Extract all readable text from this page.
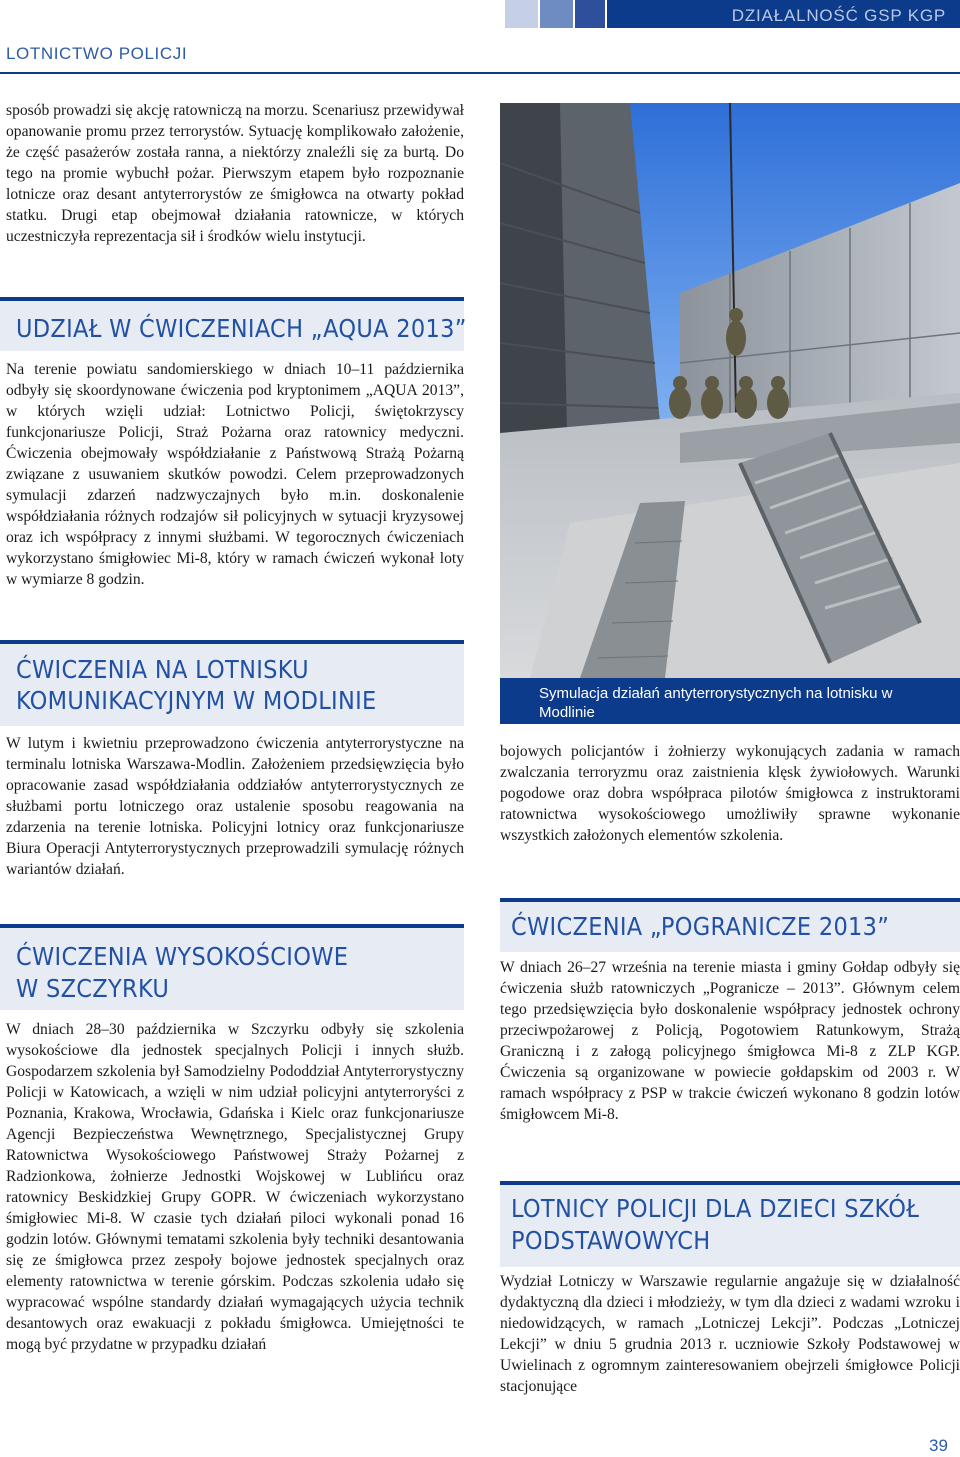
DZIAŁALNOŚĆ GSP KGP
LOTNICTWO POLICJI

sposób prowadzi się akcję ratowniczą na morzu. Scenariusz przewidywał opanowanie promu przez terrorystów. Sytuację komplikowało założenie, że część pasażerów została ranna, a niektórzy znaleźli się za burtą. Do tego na promie wybuchł pożar. Pierwszym etapem było rozpoznanie lotnicze oraz desant antyterrorystów ze śmigłowca na otwarty pokład statku. Drugi etap obejmował działania ratownicze, w których uczestniczyła reprezentacja sił i środków wielu instytucji.

UDZIAŁ W ĆWICZENIACH „AQUA 2013”

Na terenie powiatu sandomierskiego w dniach 10–11 października odbyły się skoordynowane ćwiczenia pod kryptonimem „AQUA 2013”, w których wzięli udział: Lotnictwo Policji, świętokrzyscy funkcjonariusze Policji, Straż Pożarna oraz ratownicy medyczni. Ćwiczenia obejmowały współdziałanie z Państwową Strażą Pożarną związane z usuwaniem skutków powodzi. Celem przeprowadzonych symulacji zdarzeń nadzwyczajnych było m.in. doskonalenie współdziałania różnych rodzajów sił policyjnych w sytuacji kryzysowej oraz ich współpracy z innymi służbami. W tegorocznych ćwiczeniach wykorzystano śmigłowiec Mi-8, który w ramach ćwiczeń wykonał loty w wymiarze 8 godzin.

ĆWICZENIA NA LOTNISKU
KOMUNIKACYJNYM W MODLINIE

W lutym i kwietniu przeprowadzono ćwiczenia antyterrorystyczne na terminalu lotniska Warszawa-Modlin. Założeniem przedsięwzięcia było opracowanie zasad współdziałania oddziałów antyterrorystycznych ze służbami portu lotniczego oraz ustalenie sposobu reagowania na zdarzenia na terenie lotniska. Policyjni lotnicy oraz funkcjonariusze Biura Operacji Antyterrorystycznych przeprowadzili symulację różnych wariantów działań.

ĆWICZENIA WYSOKOŚCIOWE
W SZCZYRKU

W dniach 28–30 października w Szczyrku odbyły się szkolenia wysokościowe dla jednostek specjalnych Policji i innych służb. Gospodarzem szkolenia był Samodzielny Pododdział Antyterrorystyczny Policji w Katowicach, a wzięli w nim udział policyjni antyterroryści z Poznania, Krakowa, Wrocławia, Gdańska i Kielc oraz funkcjonariusze Agencji Bezpieczeństwa Wewnętrznego, Specjalistycznej Grupy Ratownictwa Wysokościowego Państwowej Straży Pożarnej z Radzionkowa, żołnierze Jednostki Wojskowej w Lublińcu oraz ratownicy Beskidzkiej Grupy GOPR. W ćwiczeniach wykorzystano śmigłowiec Mi-8. W czasie tych działań piloci wykonali ponad 16 godzin lotów. Głównymi tematami szkolenia były techniki desantowania się ze śmigłowca przez zespoły bojowe jednostek specjalnych oraz elementy ratownictwa w terenie górskim. Podczas szkolenia udało się wypracować wspólne standardy działań wymagających użycia technik desantowych oraz ewakuacji z pokładu śmigłowca. Umiejętności te mogą być przydatne w przypadku działań

Symulacja działań antyterrorystycznych na lotnisku w Modlinie

bojowych policjantów i żołnierzy wykonujących zadania w ramach zwalczania terroryzmu oraz zaistnienia klęsk żywiołowych. Warunki pogodowe oraz dobra współpraca pilotów śmigłowca z instruktorami ratownictwa wysokościowego umożliwiły sprawne wykonanie wszystkich założonych elementów szkolenia.

ĆWICZENIA „POGRANICZE 2013”

W dniach 26–27 września na terenie miasta i gminy Gołdap odbyły się ćwiczenia służb ratowniczych „Pogranicze – 2013”. Głównym celem tego przedsięwzięcia było doskonalenie współpracy jednostek ochrony przeciwpożarowej z Policją, Pogotowiem Ratunkowym, Strażą Graniczną i z załogą policyjnego śmigłowca Mi-8 z ZLP KGP. Ćwiczenia są organizowane w powiecie gołdapskim od 2003 r. W ramach współpracy z PSP w trakcie ćwiczeń wykonano 8 godzin lotów śmigłowcem Mi-8.

LOTNICY POLICJI DLA DZIECI SZKÓŁ
PODSTAWOWYCH

Wydział Lotniczy w Warszawie regularnie angażuje się w działalność dydaktyczną dla dzieci i młodzieży, w tym dla dzieci z wadami wzroku i niedowidzących, w ramach „Lotniczej Lekcji”. Podczas „Lotniczej Lekcji” w dniu 5 grudnia 2013 r. uczniowie Szkoły Podstawowej w Uwielinach z ogromnym zainteresowaniem obejrzeli śmigłowce Policji stacjonujące

39
